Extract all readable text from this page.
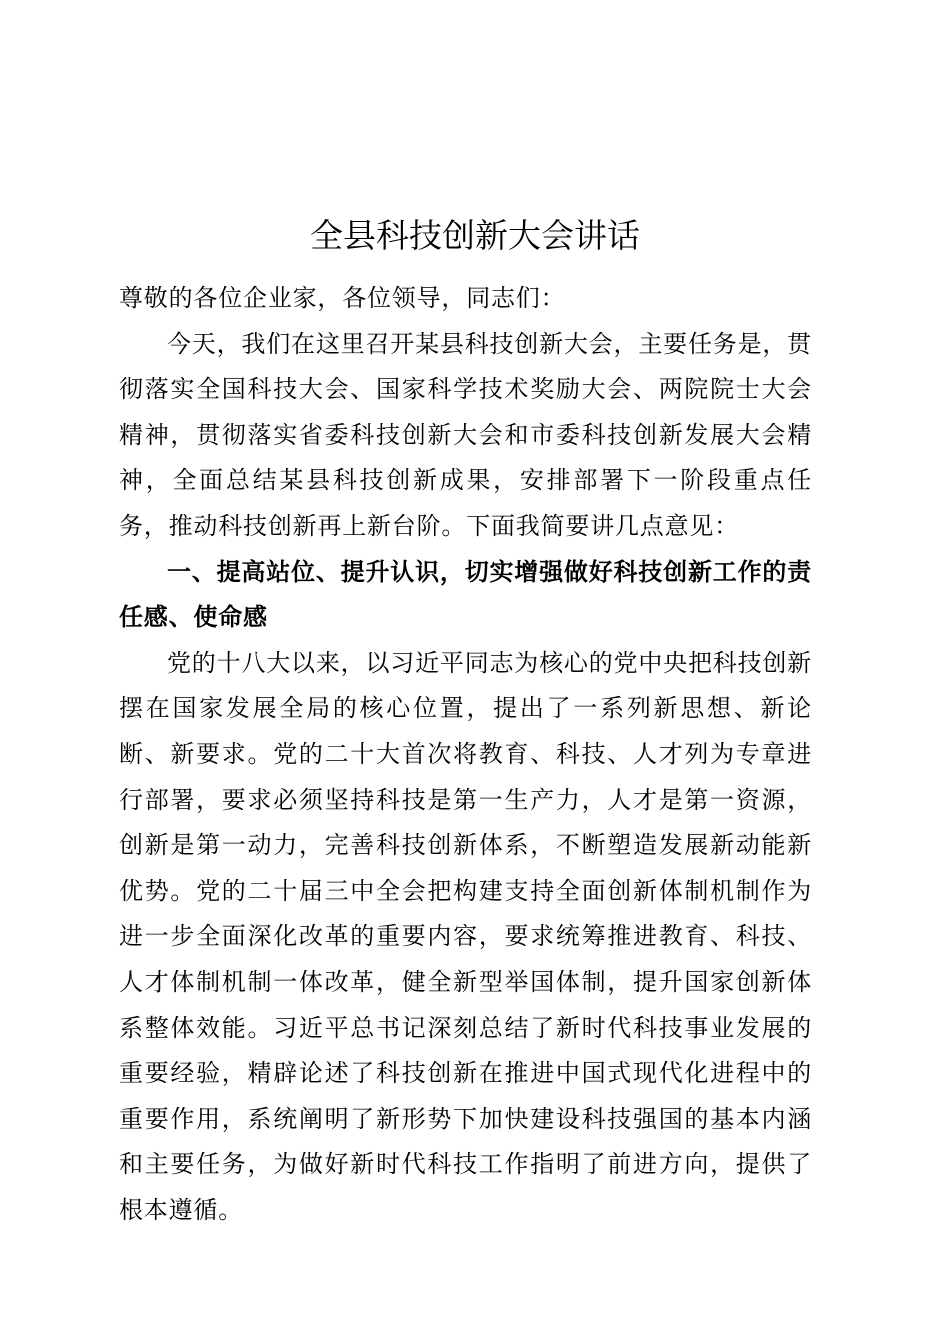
全县科技创新大会讲话

尊敬的各位企业家，各位领导，同志们：

今天，我们在这里召开某县科技创新大会，主要任务是，贯彻落实全国科技大会、国家科学技术奖励大会、两院院士大会精神，贯彻落实省委科技创新大会和市委科技创新发展大会精神，全面总结某县科技创新成果，安排部署下一阶段重点任务，推动科技创新再上新台阶。下面我简要讲几点意见：

一、提高站位、提升认识，切实增强做好科技创新工作的责任感、使命感

党的十八大以来，以习近平同志为核心的党中央把科技创新摆在国家发展全局的核心位置，提出了一系列新思想、新论断、新要求。党的二十大首次将教育、科技、人才列为专章进行部署，要求必须坚持科技是第一生产力，人才是第一资源，创新是第一动力，完善科技创新体系，不断塑造发展新动能新优势。党的二十届三中全会把构建支持全面创新体制机制作为进一步全面深化改革的重要内容，要求统筹推进教育、科技、人才体制机制一体改革，健全新型举国体制，提升国家创新体系整体效能。习近平总书记深刻总结了新时代科技事业发展的重要经验，精辟论述了科技创新在推进中国式现代化进程中的重要作用，系统阐明了新形势下加快建设科技强国的基本内涵和主要任务，为做好新时代科技工作指明了前进方向，提供了根本遵循。
